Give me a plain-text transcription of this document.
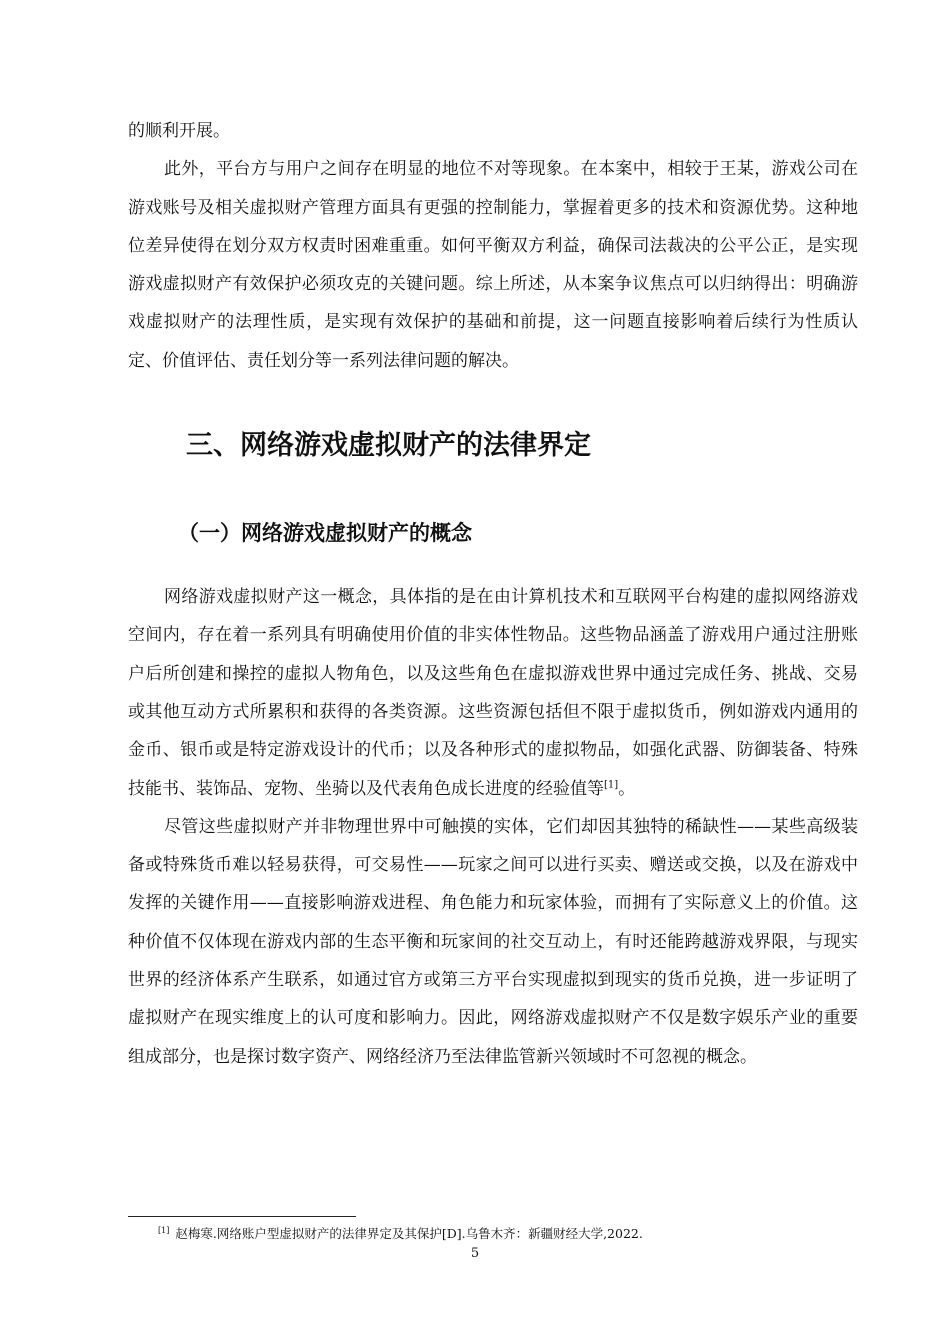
的顺利开展。

此外，平台方与用户之间存在明显的地位不对等现象。在本案中，相较于王某，游戏公司在游戏账号及相关虚拟财产管理方面具有更强的控制能力，掌握着更多的技术和资源优势。这种地位差异使得在划分双方权责时困难重重。如何平衡双方利益，确保司法裁决的公平公正，是实现游戏虚拟财产有效保护必须攻克的关键问题。综上所述，从本案争议焦点可以归纳得出：明确游戏虚拟财产的法理性质，是实现有效保护的基础和前提，这一问题直接影响着后续行为性质认定、价值评估、责任划分等一系列法律问题的解决。

三、网络游戏虚拟财产的法律界定
（一）网络游戏虚拟财产的概念

网络游戏虚拟财产这一概念，具体指的是在由计算机技术和互联网平台构建的虚拟网络游戏空间内，存在着一系列具有明确使用价值的非实体性物品。这些物品涵盖了游戏用户通过注册账户后所创建和操控的虚拟人物角色，以及这些角色在虚拟游戏世界中通过完成任务、挑战、交易或其他互动方式所累积和获得的各类资源。这些资源包括但不限于虚拟货币，例如游戏内通用的金币、银币或是特定游戏设计的代币；以及各种形式的虚拟物品，如强化武器、防御装备、特殊技能书、装饰品、宠物、坐骑以及代表角色成长进度的经验值等[1]。

尽管这些虚拟财产并非物理世界中可触摸的实体，它们却因其独特的稀缺性——某些高级装备或特殊货币难以轻易获得，可交易性——玩家之间可以进行买卖、赠送或交换，以及在游戏中发挥的关键作用——直接影响游戏进程、角色能力和玩家体验，而拥有了实际意义上的价值。这种价值不仅体现在游戏内部的生态平衡和玩家间的社交互动上，有时还能跨越游戏界限，与现实世界的经济体系产生联系，如通过官方或第三方平台实现虚拟到现实的货币兑换，进一步证明了虚拟财产在现实维度上的认可度和影响力。因此，网络游戏虚拟财产不仅是数字娱乐产业的重要组成部分，也是探讨数字资产、网络经济乃至法律监管新兴领域时不可忽视的概念。

[1] 赵梅寒.网络账户型虚拟财产的法律界定及其保护[D].乌鲁木齐：新疆财经大学,2022.
5
